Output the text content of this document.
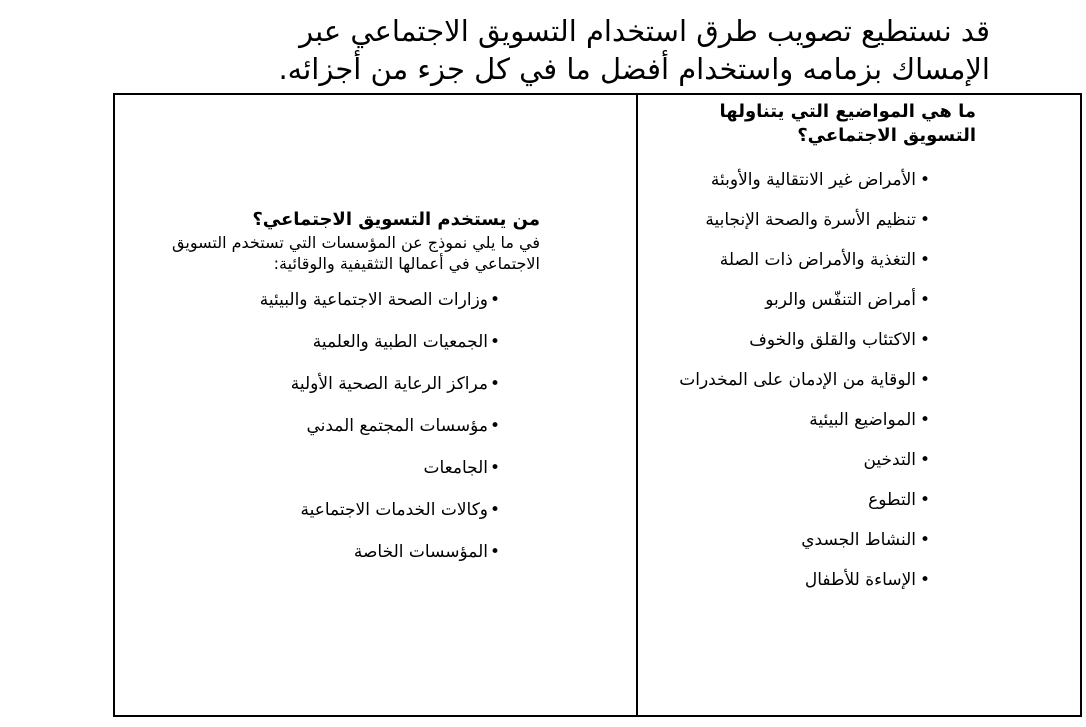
قد نستطيع تصويب طرق استخدام التسويق الاجتماعي عبر الإمساك بزمامه واستخدام أفضل ما في كل جزء من أجزائه.

ما هي المواضيع التي يتناولها التسويق الاجتماعي؟

•
الأمراض غير الانتقالية والأوبئة
•
تنظيم الأسرة والصحة الإنجابية
•
التغذية والأمراض ذات الصلة
•
أمراض التنفّس والربو
•
الاكتئاب والقلق والخوف
•
الوقاية من الإدمان على المخدرات
•
المواضيع البيئية
•
التدخين
•
التطوع
•
النشاط الجسدي
•
الإساءة للأطفال

من يستخدم التسويق الاجتماعي؟

في ما يلي نموذج عن المؤسسات التي تستخدم التسويق الاجتماعي في أعمالها التثقيفية والوقائية:

•
وزارات الصحة الاجتماعية والبيئية
•
الجمعيات الطبية والعلمية
•
مراكز الرعاية الصحية الأولية
•
مؤسسات المجتمع المدني
•
الجامعات
•
وكالات الخدمات الاجتماعية
•
المؤسسات الخاصة
